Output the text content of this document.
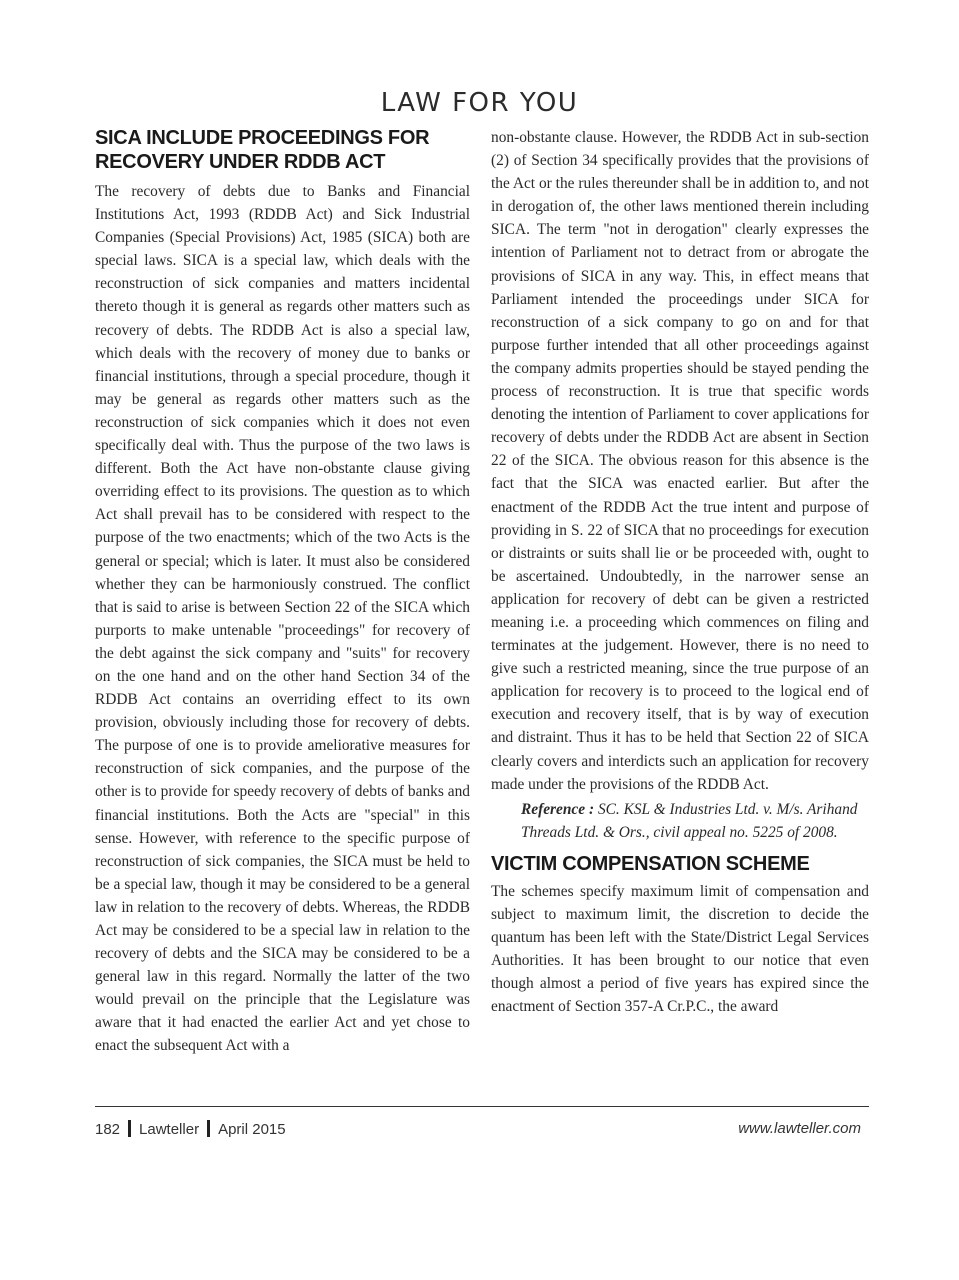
LAW FOR YOU
SICA INCLUDE PROCEEDINGS FOR RECOVERY UNDER RDDB ACT

The recovery of debts due to Banks and Financial Institutions Act, 1993 (RDDB Act) and Sick Industrial Companies (Special Provisions) Act, 1985 (SICA) both are special laws. SICA is a special law, which deals with the reconstruction of sick companies and matters incidental thereto though it is general as regards other matters such as recovery of debts. The RDDB Act is also a special law, which deals with the recovery of money due to banks or financial institutions, through a special procedure, though it may be general as regards other matters such as the reconstruction of sick companies which it does not even specifically deal with. Thus the purpose of the two laws is different. Both the Act have non-obstante clause giving overriding effect to its provisions. The question as to which Act shall prevail has to be considered with respect to the purpose of the two enactments; which of the two Acts is the general or special; which is later. It must also be considered whether they can be harmoniously construed. The conflict that is said to arise is between Section 22 of the SICA which purports to make untenable "proceedings" for recovery of the debt against the sick company and "suits" for recovery on the one hand and on the other hand Section 34 of the RDDB Act contains an overriding effect to its own provision, obviously including those for recovery of debts. The purpose of one is to provide ameliorative measures for reconstruction of sick companies, and the purpose of the other is to provide for speedy recovery of debts of banks and financial institutions. Both the Acts are "special" in this sense. However, with reference to the specific purpose of reconstruction of sick companies, the SICA must be held to be a special law, though it may be considered to be a general law in relation to the recovery of debts. Whereas, the RDDB Act may be considered to be a special law in relation to the recovery of debts and the SICA may be considered to be a general law in this regard. Normally the latter of the two would prevail on the principle that the Legislature was aware that it had enacted the earlier Act and yet chose to enact the subsequent Act with a

non-obstante clause. However, the RDDB Act in sub-section (2) of Section 34 specifically provides that the provisions of the Act or the rules thereunder shall be in addition to, and not in derogation of, the other laws mentioned therein including SICA. The term "not in derogation" clearly expresses the intention of Parliament not to detract from or abrogate the provisions of SICA in any way. This, in effect means that Parliament intended the proceedings under SICA for reconstruction of a sick company to go on and for that purpose further intended that all other proceedings against the company admits properties should be stayed pending the process of reconstruction. It is true that specific words denoting the intention of Parliament to cover applications for recovery of debts under the RDDB Act are absent in Section 22 of the SICA. The obvious reason for this absence is the fact that the SICA was enacted earlier. But after the enactment of the RDDB Act the true intent and purpose of providing in S. 22 of SICA that no proceedings for execution or distraints or suits shall lie or be proceeded with, ought to be ascertained. Undoubtedly, in the narrower sense an application for recovery of debt can be given a restricted meaning i.e. a proceeding which commences on filing and terminates at the judgement. However, there is no need to give such a restricted meaning, since the true purpose of an application for recovery is to proceed to the logical end of execution and recovery itself, that is by way of execution and distraint. Thus it has to be held that Section 22 of SICA clearly covers and interdicts such an application for recovery made under the provisions of the RDDB Act.

Reference : SC. KSL & Industries Ltd. v. M/s. Arihand Threads Ltd. & Ors., civil appeal no. 5225 of 2008.

VICTIM COMPENSATION SCHEME

The schemes specify maximum limit of compensation and subject to maximum limit, the discretion to decide the quantum has been left with the State/District Legal Services Authorities. It has been brought to our notice that even though almost a period of five years has expired since the enactment of Section 357-A Cr.P.C., the award

182 Lawteller April 2015	www.lawteller.com
